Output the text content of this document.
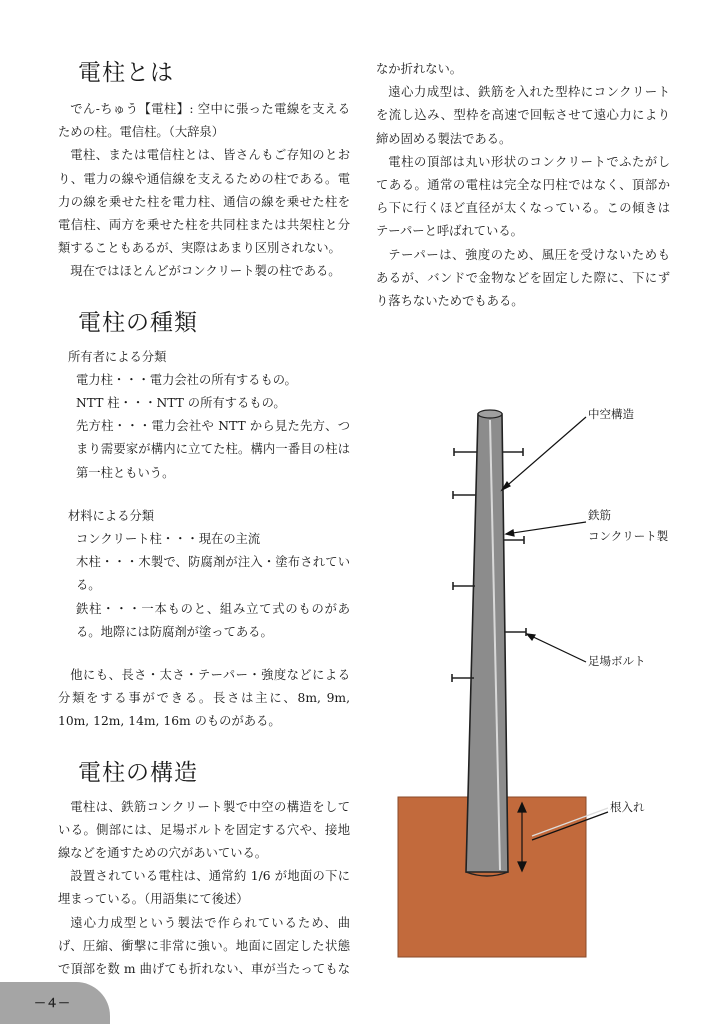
電柱とは

でん‐ちゅう【電柱】: 空中に張った電線を支えるための柱。電信柱。（大辞泉）

電柱、または電信柱とは、皆さんもご存知のとおり、電力の線や通信線を支えるための柱である。電力の線を乗せた柱を電力柱、通信の線を乗せた柱を電信柱、両方を乗せた柱を共同柱または共架柱と分類することもあるが、実際はあまり区別されない。

現在ではほとんどがコンクリート製の柱である。

電柱の種類

所有者による分類

電力柱・・・電力会社の所有するもの。

NTT 柱・・・NTT の所有するもの。

先方柱・・・電力会社や NTT から見た先方、つまり需要家が構内に立てた柱。構内一番目の柱は第一柱ともいう。

材料による分類

コンクリート柱・・・現在の主流

木柱・・・木製で、防腐剤が注入・塗布されている。

鉄柱・・・一本ものと、組み立て式のものがある。地際には防腐剤が塗ってある。

他にも、長さ・太さ・テーパー・強度などによる分類をする事ができる。長さは主に、8m, 9m, 10m, 12m, 14m, 16m のものがある。

電柱の構造

電柱は、鉄筋コンクリート製で中空の構造をしている。側部には、足場ボルトを固定する穴や、接地線などを通すための穴があいている。

設置されている電柱は、通常約 1/6 が地面の下に埋まっている。（用語集にて後述）

遠心力成型という製法で作られているため、曲げ、圧縮、衝撃に非常に強い。地面に固定した状態で頂部を数 m 曲げても折れない、車が当たってもな

なか折れない。

遠心力成型は、鉄筋を入れた型枠にコンクリートを流し込み、型枠を高速で回転させて遠心力により締め固める製法である。

電柱の頂部は丸い形状のコンクリートでふたがしてある。通常の電柱は完全な円柱ではなく、頂部から下に行くほど直径が太くなっている。この傾きはテーパーと呼ばれている。

テーパーは、強度のため、風圧を受けないためもあるが、バンドで金物などを固定した際に、下にずり落ちないためでもある。

中空構造
鉄筋
コンクリート製
足場ボルト
根入れ
－４－
